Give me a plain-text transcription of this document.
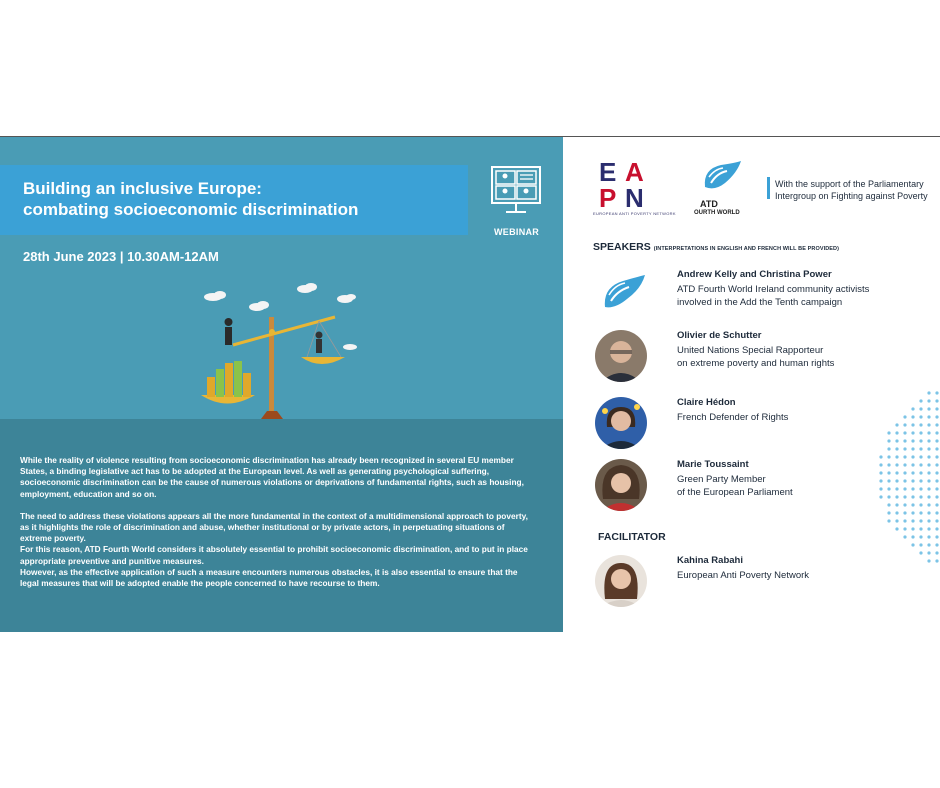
Building an inclusive Europe:
combating socioeconomic discrimination
28th June 2023 | 10.30AM-12AM
WEBINAR

While the reality of violence resulting from socioeconomic discrimination has already been recognized in several EU member States, a binding legislative act has to be adopted at the European level. As well as generating psychological suffering, socioeconomic discrimination can be the cause of numerous violations or deprivations of fundamental rights, such as housing, employment, education and so on.

The need to address these violations appears all the more fundamental in the context of a multidimensional approach to poverty, as it highlights the role of discrimination and abuse, whether institutional or by private actors, in perpetuating situations of extreme poverty.

For this reason, ATD Fourth World considers it absolutely essential to prohibit socioeconomic discrimination, and to put in place appropriate preventive and punitive measures.

However, as the effective application of such a measure encounters numerous obstacles, it is also essential to ensure that the legal measures that will be adopted enable the people concerned to have recourse to them.

E A
P N
EUROPEAN ANTI POVERTY NETWORK
ATD
OURTH WORLD
With the support of the Parliamentary
Intergroup on Fighting against Poverty
SPEAKERS (INTERPRETATIONS IN ENGLISH AND FRENCH WILL BE PROVIDED)
Andrew Kelly and Christina Power
ATD Fourth World Ireland community activists
involved in the Add the Tenth campaign
Olivier de Schutter
United Nations Special Rapporteur
on extreme poverty and human rights
Claire Hédon
French Defender of Rights
Marie Toussaint
Green Party Member
of the European Parliament
FACILITATOR
Kahina Rabahi
European Anti Poverty Network
